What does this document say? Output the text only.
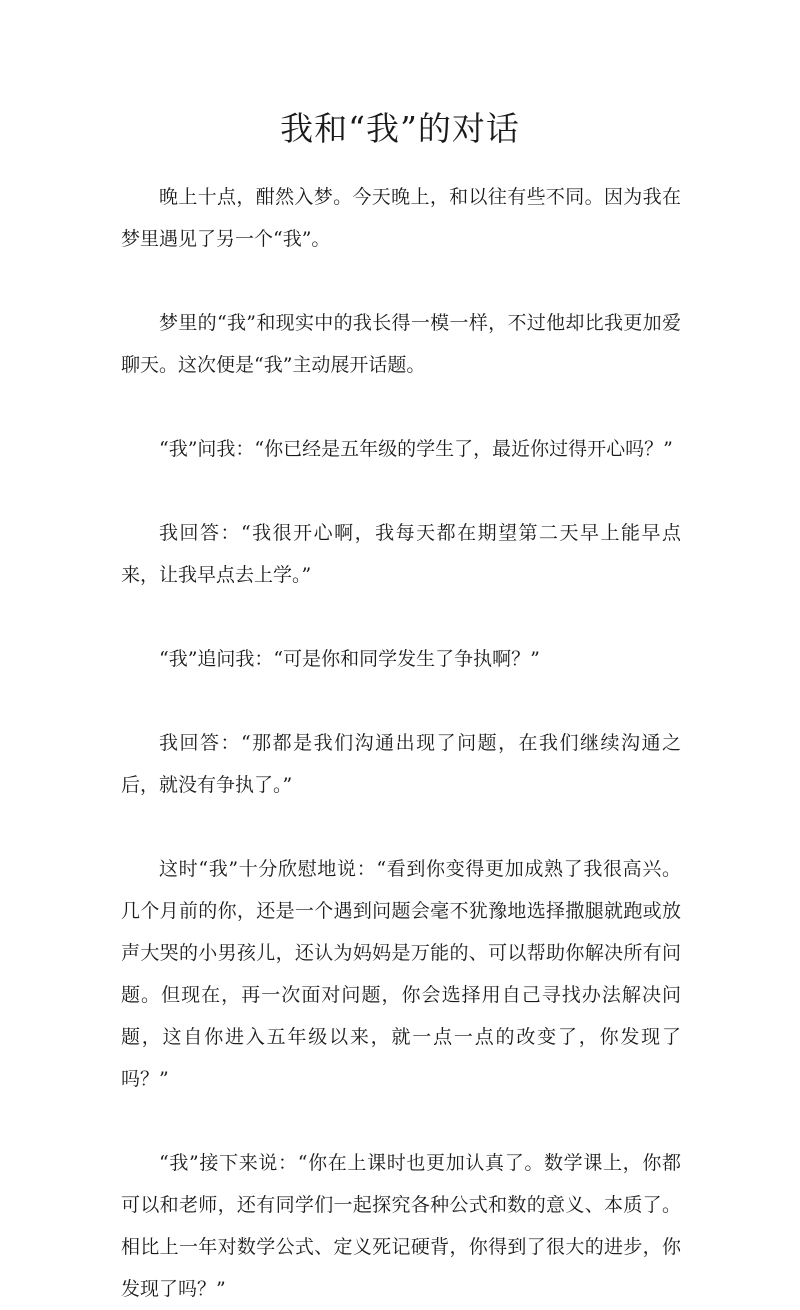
我和“我”的对话

晚上十点，酣然入梦。今天晚上，和以往有些不同。因为我在梦里遇见了另一个“我”。

梦里的“我”和现实中的我长得一模一样，不过他却比我更加爱聊天。这次便是“我”主动展开话题。

“我”问我：“你已经是五年级的学生了，最近你过得开心吗？”

我回答：“我很开心啊，我每天都在期望第二天早上能早点来，让我早点去上学。”

“我”追问我：“可是你和同学发生了争执啊？”

我回答：“那都是我们沟通出现了问题，在我们继续沟通之后，就没有争执了。”

这时“我”十分欣慰地说：“看到你变得更加成熟了我很高兴。几个月前的你，还是一个遇到问题会毫不犹豫地选择撒腿就跑或放声大哭的小男孩儿，还认为妈妈是万能的、可以帮助你解决所有问题。但现在，再一次面对问题，你会选择用自己寻找办法解决问题，这自你进入五年级以来，就一点一点的改变了，你发现了吗？”

“我”接下来说：“你在上课时也更加认真了。数学课上，你都可以和老师，还有同学们一起探究各种公式和数的意义、本质了。相比上一年对数学公式、定义死记硬背，你得到了很大的进步，你发现了吗？”
